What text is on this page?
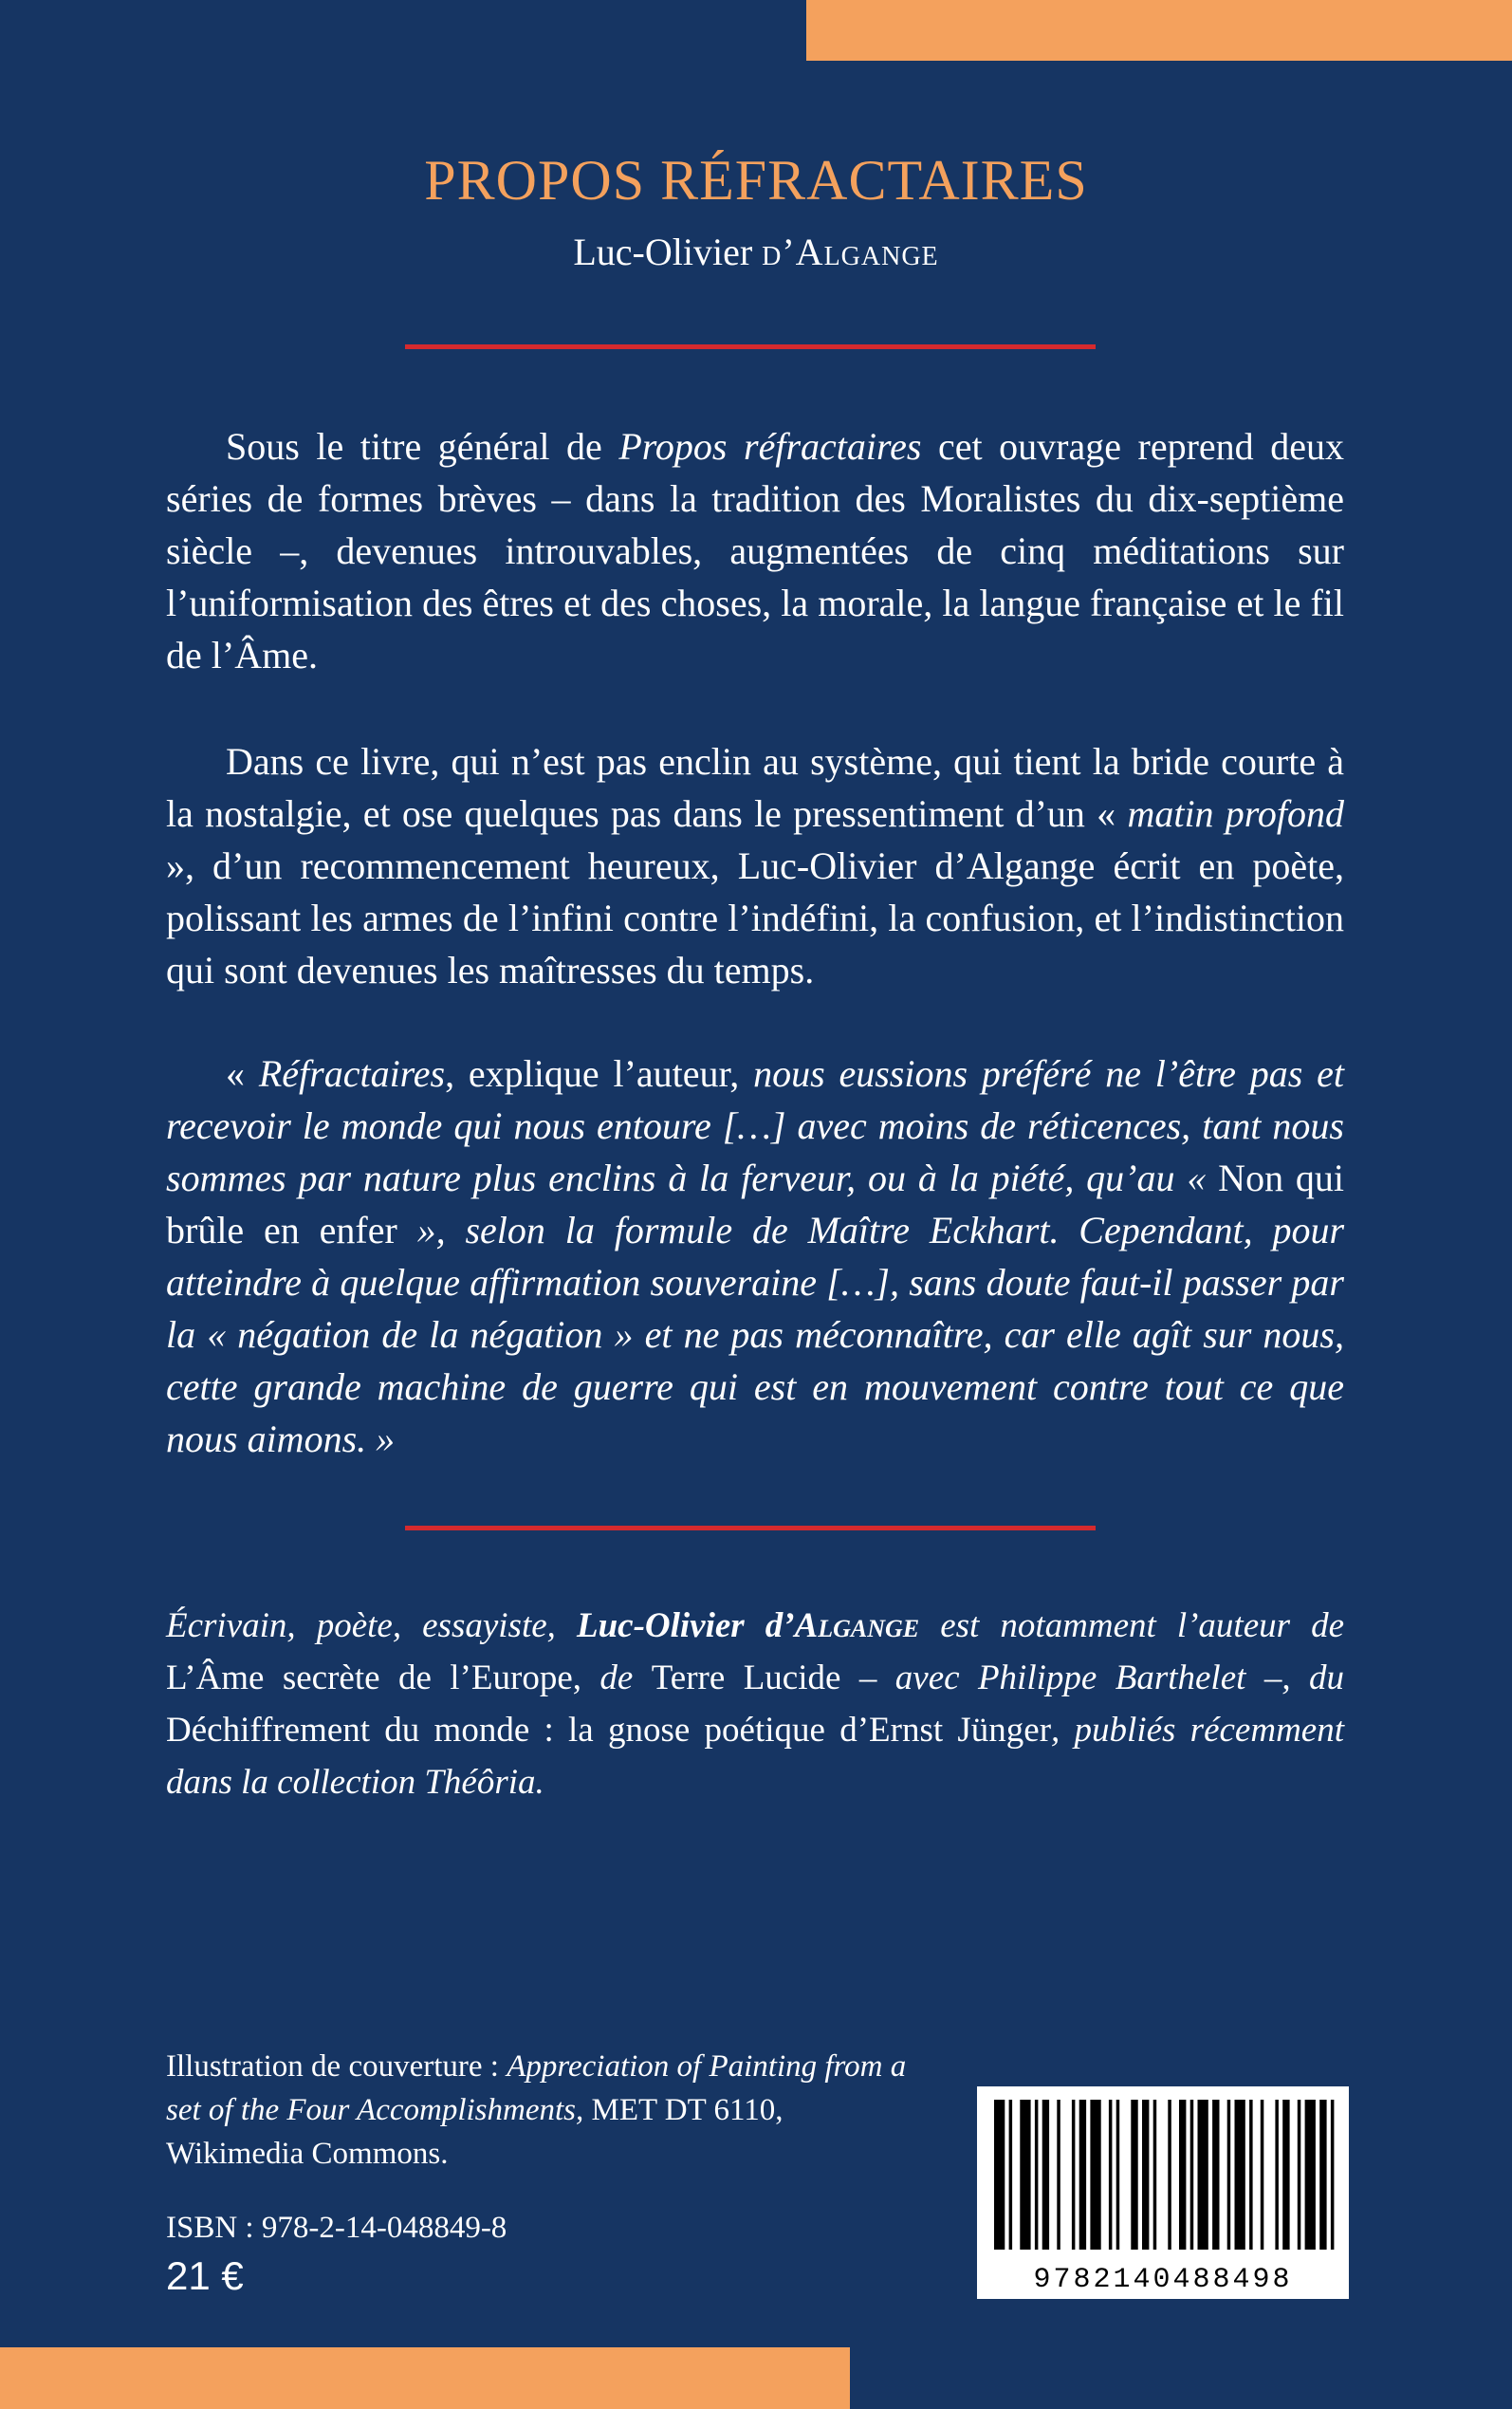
PROPOS RÉFRACTAIRES
Luc-Olivier d’Algange

Sous le titre général de Propos réfractaires cet ouvrage reprend deux séries de formes brèves – dans la tradition des Moralistes du dix-septième siècle –, devenues introuvables, augmentées de cinq méditations sur l’uniformisation des êtres et des choses, la morale, la langue française et le fil de l’Âme.

Dans ce livre, qui n’est pas enclin au système, qui tient la bride courte à la nostalgie, et ose quelques pas dans le pressentiment d’un « matin profond », d’un recommencement heureux, Luc-Olivier d’Algange écrit en poète, polissant les armes de l’infini contre l’indéfini, la confusion, et l’indistinction qui sont devenues les maîtresses du temps.

« Réfractaires, explique l’auteur, nous eussions préféré ne l’être pas et recevoir le monde qui nous entoure […] avec moins de réticences, tant nous sommes par nature plus enclins à la ferveur, ou à la piété, qu’au « Non qui brûle en enfer », selon la formule de Maître Eckhart. Cependant, pour atteindre à quelque affirmation souveraine […], sans doute faut-il passer par la « négation de la négation » et ne pas méconnaître, car elle agît sur nous, cette grande machine de guerre qui est en mouvement contre tout ce que nous aimons. »

Écrivain, poète, essayiste, Luc-Olivier d’Algange est notamment l’auteur de L’Âme secrète de l’Europe, de Terre Lucide – avec Philippe Barthelet –, du Déchiffrement du monde : la gnose poétique d’Ernst Jünger, publiés récemment dans la collection Théôria.

Illustration de couverture : Appreciation of Painting from a set of the Four Accomplishments, MET DT 6110, Wikimedia Commons.

ISBN : 978-2-14-048849-8
21 €	9782140488498
